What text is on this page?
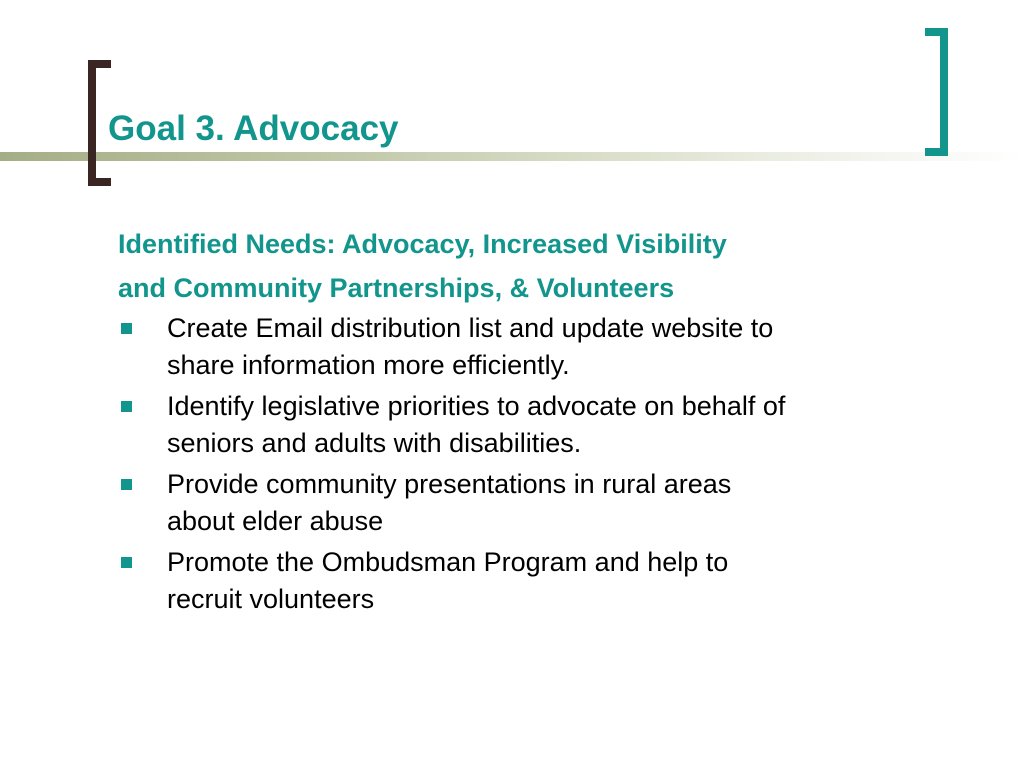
Goal 3. Advocacy

Identified Needs: Advocacy, Increased Visibility
and Community Partnerships, & Volunteers

Create Email distribution list and update website to
share information more efficiently.
Identify legislative priorities to advocate on behalf of
seniors and adults with disabilities.
Provide community presentations in rural areas
about elder abuse
Promote the Ombudsman Program and help to
recruit volunteers
